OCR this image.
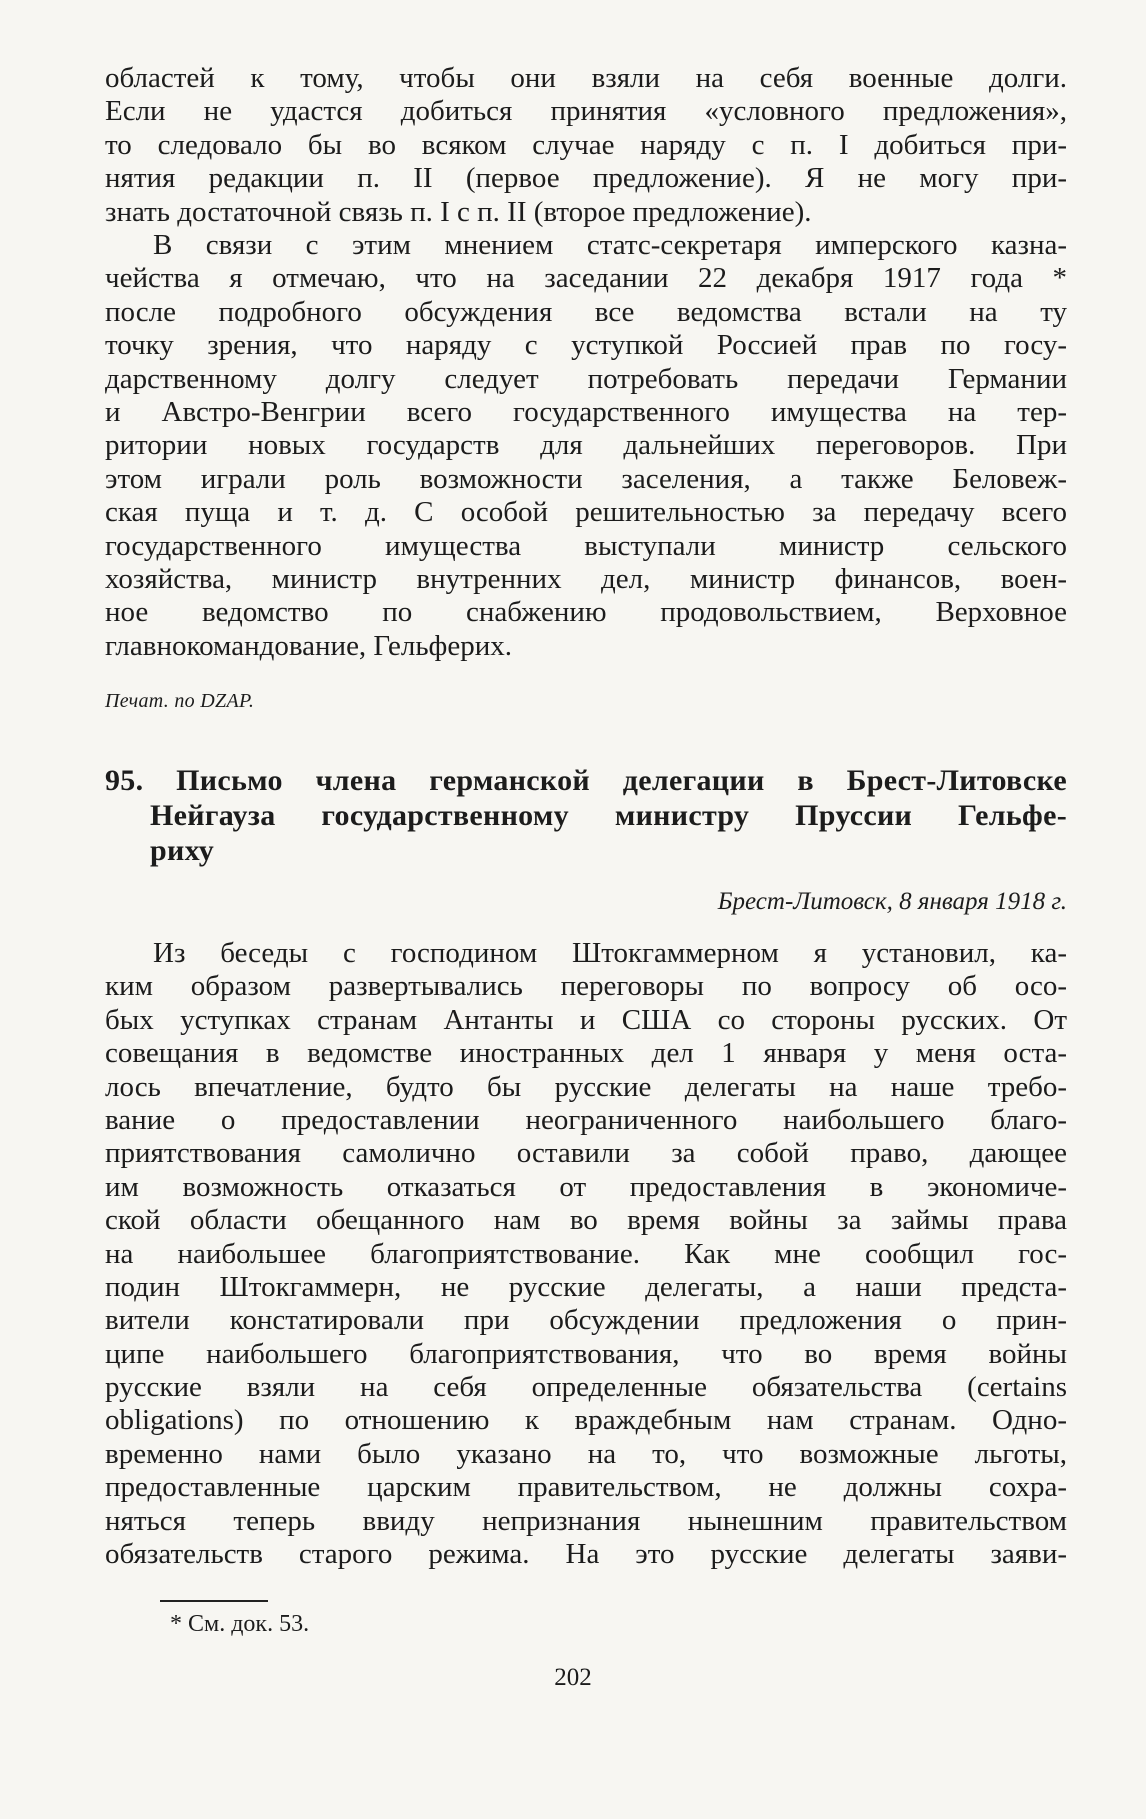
областей к тому, чтобы они взяли на себя военные долги.
Если не удастся добиться принятия «условного предложения»,
то следовало бы во всяком случае наряду с п. I добиться при-
нятия редакции п. II (первое предложение). Я не могу при-
знать достаточной связь п. I с п. II (второе предложение).
В связи с этим мнением статс-секретаря имперского казна-
чейства я отмечаю, что на заседании 22 декабря 1917 года *
после подробного обсуждения все ведомства встали на ту
точку зрения, что наряду с уступкой Россией прав по госу-
дарственному долгу следует потребовать передачи Германии
и Австро-Венгрии всего государственного имущества на тер-
ритории новых государств для дальнейших переговоров. При
этом играли роль возможности заселения, а также Беловеж-
ская пуща и т. д. С особой решительностью за передачу всего
государственного имущества выступали министр сельского
хозяйства, министр внутренних дел, министр финансов, воен-
ное ведомство по снабжению продовольствием, Верховное
главнокомандование, Гельферих.
Печат. по DZAP.
95. Письмо члена германской делегации в Брест-Литовске
Нейгауза государственному министру Пруссии Гельфе-
риху
Брест-Литовск, 8 января 1918 г.
Из беседы с господином Штокгаммерном я установил, ка-
ким образом развертывались переговоры по вопросу об осо-
бых уступках странам Антанты и США со стороны русских. От
совещания в ведомстве иностранных дел 1 января у меня оста-
лось впечатление, будто бы русские делегаты на наше требо-
вание о предоставлении неограниченного наибольшего благо-
приятствования самолично оставили за собой право, дающее
им возможность отказаться от предоставления в экономиче-
ской области обещанного нам во время войны за займы права
на наибольшее благоприятствование. Как мне сообщил гос-
подин Штокгаммерн, не русские делегаты, а наши предста-
вители констатировали при обсуждении предложения о прин-
ципе наибольшего благоприятствования, что во время войны
русские взяли на себя определенные обязательства (certains
obligations) по отношению к враждебным нам странам. Одно-
временно нами было указано на то, что возможные льготы,
предоставленные царским правительством, не должны сохра-
няться теперь ввиду непризнания нынешним правительством
обязательств старого режима. На это русские делегаты заяви-
* См. док. 53.
202
